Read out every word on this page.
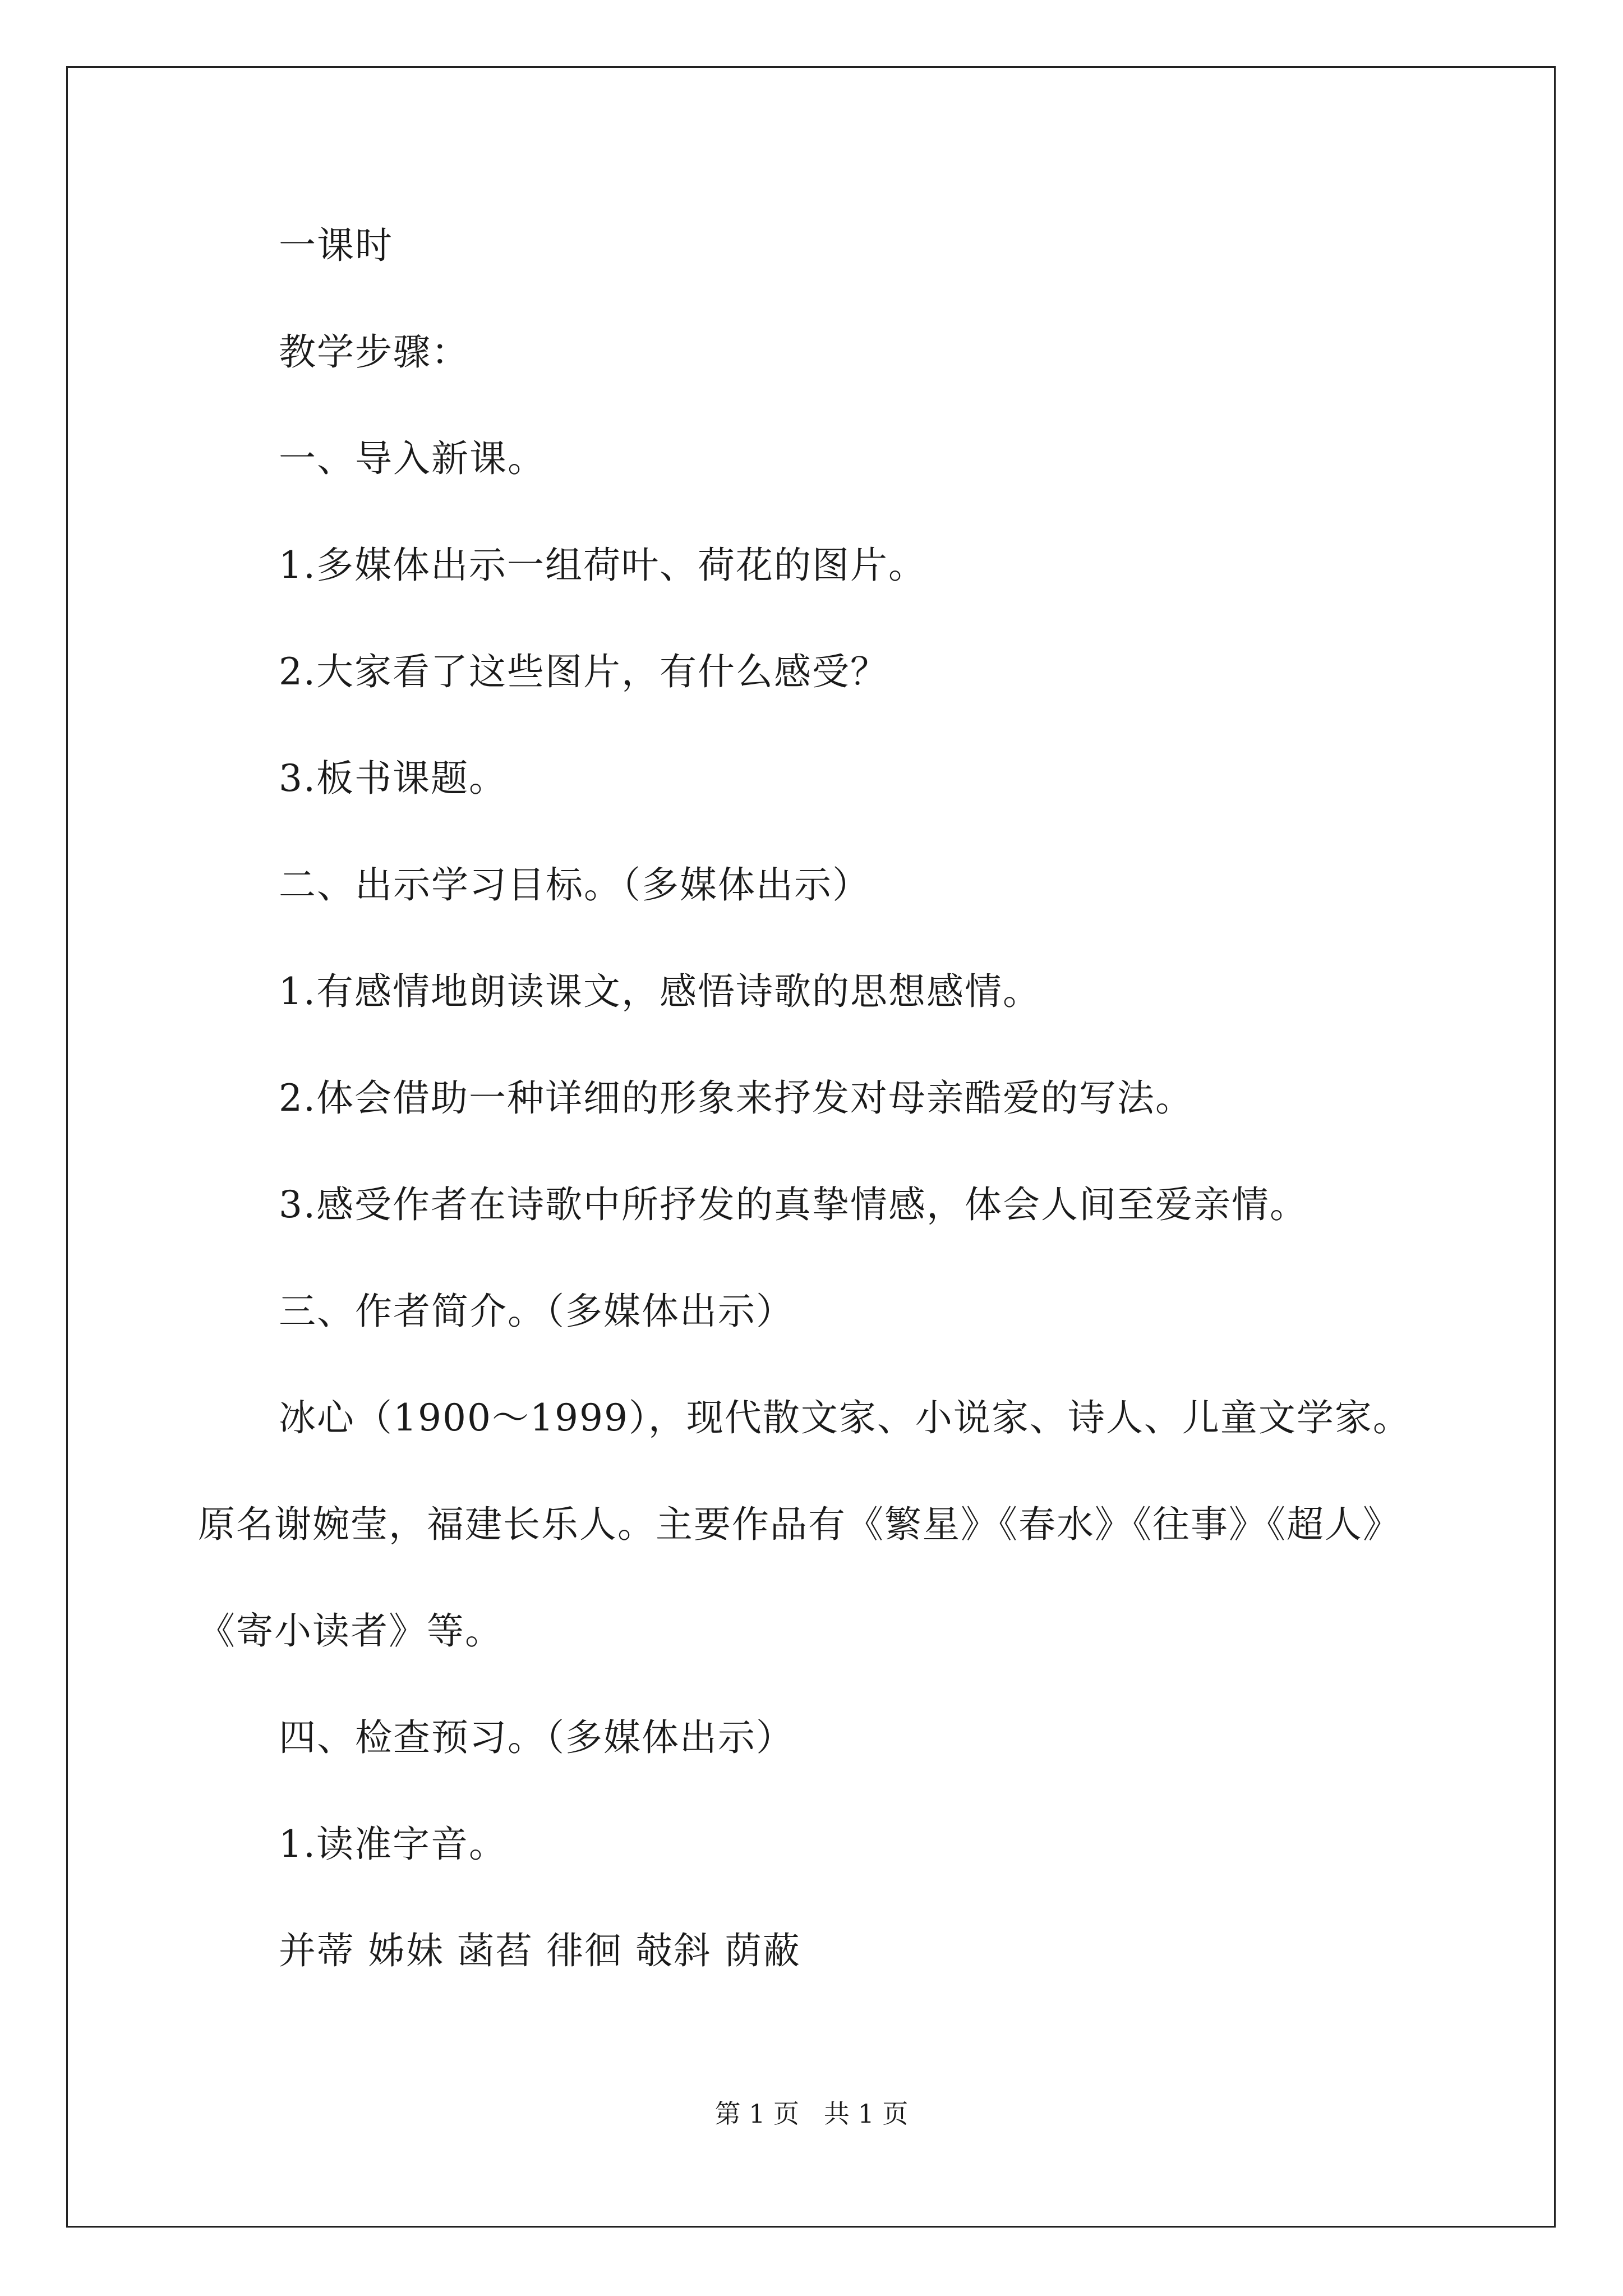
一课时
教学步骤：
一、导入新课。
1.多媒体出示一组荷叶、荷花的图片。
2.大家看了这些图片，有什么感受？
3.板书课题。
二、出示学习目标。（多媒体出示）
1.有感情地朗读课文，感悟诗歌的思想感情。
2.体会借助一种详细的形象来抒发对母亲酷爱的写法。
3.感受作者在诗歌中所抒发的真挚情感，体会人间至爱亲情。
三、作者简介。（多媒体出示）
冰心（1900～1999），现代散文家、小说家、诗人、儿童文学家。
原名谢婉莹，福建长乐人。主要作品有《繁星》《春水》《往事》《超人》
《寄小读者》等。
四、检查预习。（多媒体出示）
1.读准字音。
并蒂 姊妹 菡萏 徘徊 攲斜 荫蔽
第 1 页   共 1 页
